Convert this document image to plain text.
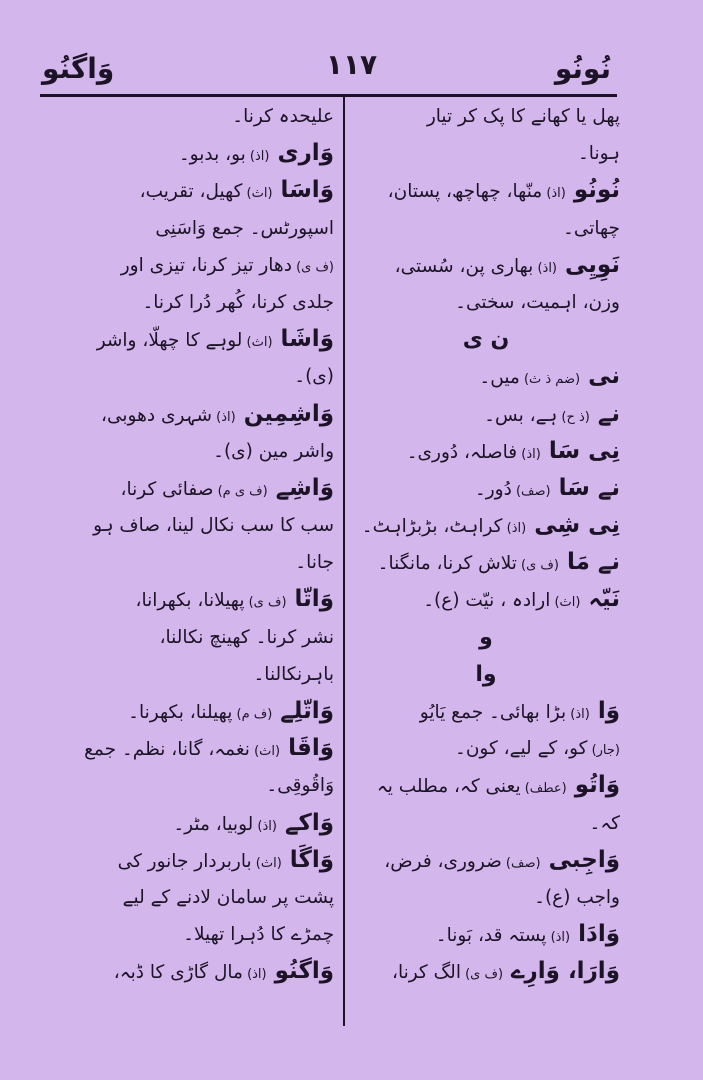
وَاگنُو	۱۱۷	نُونُو
پھل یا کھانے کا پک کر تیار
ہونا۔
نُونُو (اذ) منّھا، چھاچھ، پستان،
چھاتی۔
نَوِیِی (اذ) بھاری پن، سُستی،
وزن، اہمیت، سختی۔
ن ی
نی (ضم ذ ث) میں۔
نے (ذ ح) ہے، بس۔
نِی سَا (اذ) فاصلہ، دُوری۔
نے سَا (صف) دُور۔
نِی شِی (اذ) کراہٹ، بڑبڑاہٹ۔
نے مَا (ف ی) تلاش کرنا، مانگنا۔
نَیّہ (اث) ارادہ ، نیّت (ع)۔
و
وا
وَا (اذ) بڑا بھائی۔ جمع یَایُو
(جار) کو، کے لیے، کون۔
وَاتُو (عطف) یعنی کہ، مطلب یہ
کہ۔
وَاجِبی (صف) ضروری، فرض،
واجب (ع)۔
وَادَا (اذ) پستہ قد، بَونا۔
وَارَا، وَارِے (ف ی) الگ کرنا،
علیحدہ کرنا۔
وَاری (اذ) بو، بدبو۔
وَاسَا (اث) کھیل، تقریب،
اسپورٹس۔ جمع وَاسَنِی
(ف ی) دھار تیز کرنا، تیزی اور
جلدی کرنا، کُھر دُرا کرنا۔
وَاشَا (اث) لوہے کا چھلّا، واشر
(ی)۔
وَاشِمِین (اذ) شہری دھوبی،
واشر مین (ی)۔
وَاشِے (ف ی م) صفائی کرنا،
سب کا سب نکال لینا، صاف ہو
جانا۔
وَاتّا (ف ی) پھیلانا، بکھرانا،
نشر کرنا۔ کھینچ نکالنا،
باہرنکالنا۔
وَاتّلِے (ف م) پھیلنا، بکھرنا۔
وَاقَا (اث) نغمہ، گانا، نظم۔ جمع
وَاقُوقِی۔
وَاکے (اذ) لوبیا، مٹر۔
وَاگَا (اث) باربردار جانور کی
پشت پر سامان لادنے کے لیے
چمڑے کا دُہرا تھیلا۔
وَاگنُو (اذ) مال گاڑی کا ڈبہ،
